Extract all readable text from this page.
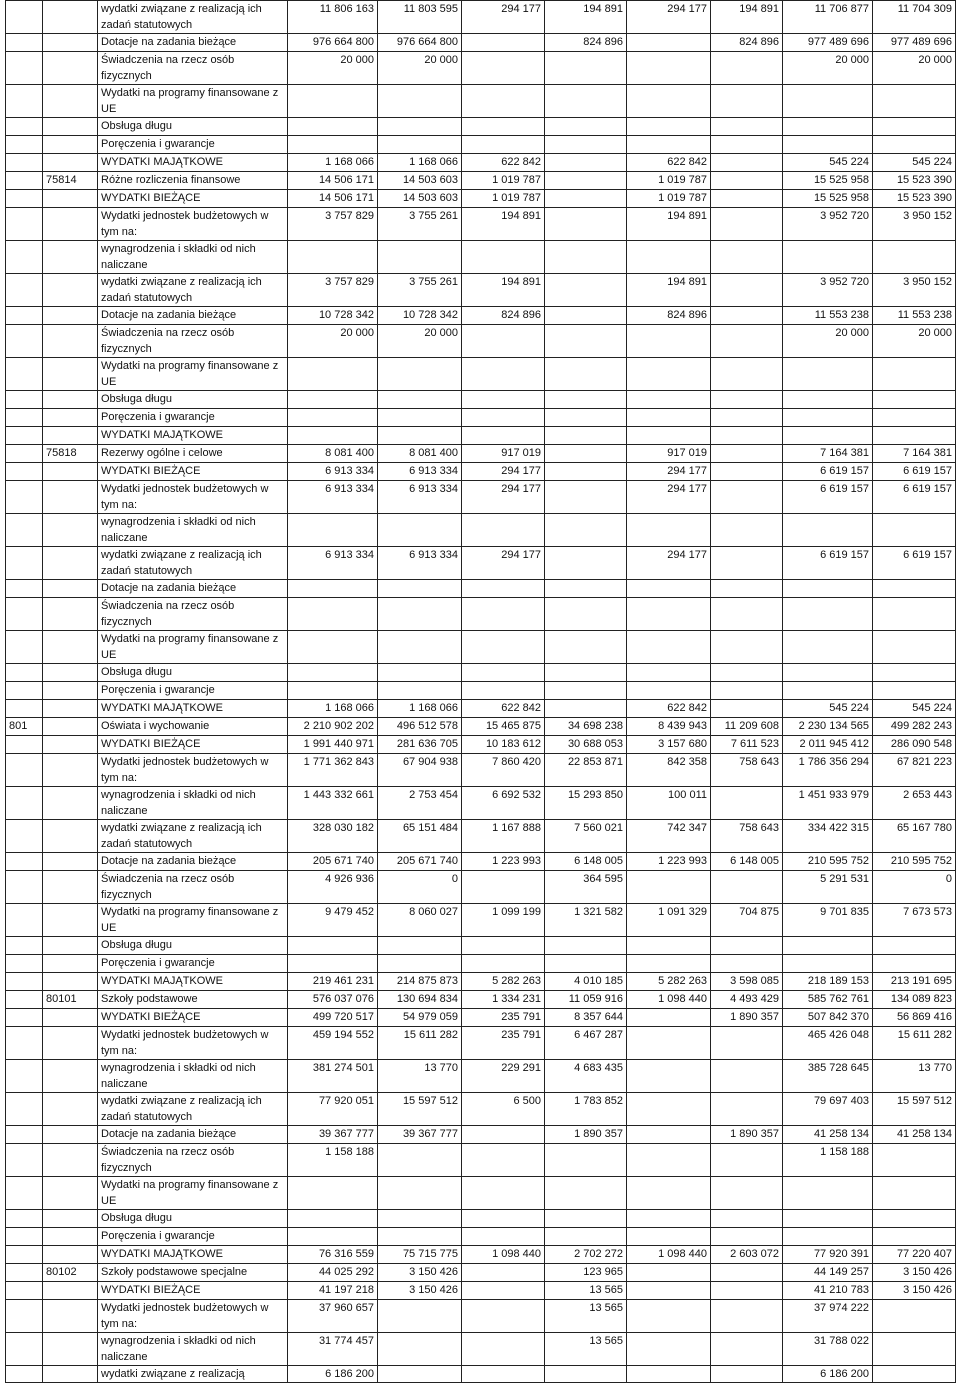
		wydatki związane z realizacją ich zadań statutowych	11 806 163	11 803 595	294 177	194 891	294 177	194 891	11 706 877	11 704 309
		Dotacje na zadania bieżące	976 664 800	976 664 800		824 896		824 896	977 489 696	977 489 696
		Świadczenia na rzecz osób fizycznych	20 000	20 000					20 000	20 000
		Wydatki na programy finansowane z UE								
		Obsługa długu								
		Poręczenia i gwarancje								
		WYDATKI MAJĄTKOWE	1 168 066	1 168 066	622 842		622 842		545 224	545 224
	75814	Różne rozliczenia finansowe	14 506 171	14 503 603	1 019 787		1 019 787		15 525 958	15 523 390
		WYDATKI BIEŻĄCE	14 506 171	14 503 603	1 019 787		1 019 787		15 525 958	15 523 390
		Wydatki jednostek budżetowych w tym na:	3 757 829	3 755 261	194 891		194 891		3 952 720	3 950 152
		wynagrodzenia i składki od nich naliczane								
		wydatki związane z realizacją ich zadań statutowych	3 757 829	3 755 261	194 891		194 891		3 952 720	3 950 152
		Dotacje na zadania bieżące	10 728 342	10 728 342	824 896		824 896		11 553 238	11 553 238
		Świadczenia na rzecz osób fizycznych	20 000	20 000					20 000	20 000
		Wydatki na programy finansowane z UE								
		Obsługa długu								
		Poręczenia i gwarancje								
		WYDATKI MAJĄTKOWE								
	75818	Rezerwy ogólne i celowe	8 081 400	8 081 400	917 019		917 019		7 164 381	7 164 381
		WYDATKI BIEŻĄCE	6 913 334	6 913 334	294 177		294 177		6 619 157	6 619 157
		Wydatki jednostek budżetowych w tym na:	6 913 334	6 913 334	294 177		294 177		6 619 157	6 619 157
		wynagrodzenia i składki od nich naliczane								
		wydatki związane z realizacją ich zadań statutowych	6 913 334	6 913 334	294 177		294 177		6 619 157	6 619 157
		Dotacje na zadania bieżące								
		Świadczenia na rzecz osób fizycznych								
		Wydatki na programy finansowane z UE								
		Obsługa długu								
		Poręczenia i gwarancje								
		WYDATKI MAJĄTKOWE	1 168 066	1 168 066	622 842		622 842		545 224	545 224
801		Oświata i wychowanie	2 210 902 202	496 512 578	15 465 875	34 698 238	8 439 943	11 209 608	2 230 134 565	499 282 243
		WYDATKI BIEŻĄCE	1 991 440 971	281 636 705	10 183 612	30 688 053	3 157 680	7 611 523	2 011 945 412	286 090 548
		Wydatki jednostek budżetowych w tym na:	1 771 362 843	67 904 938	7 860 420	22 853 871	842 358	758 643	1 786 356 294	67 821 223
		wynagrodzenia i składki od nich naliczane	1 443 332 661	2 753 454	6 692 532	15 293 850	100 011		1 451 933 979	2 653 443
		wydatki związane z realizacją ich zadań statutowych	328 030 182	65 151 484	1 167 888	7 560 021	742 347	758 643	334 422 315	65 167 780
		Dotacje na zadania bieżące	205 671 740	205 671 740	1 223 993	6 148 005	1 223 993	6 148 005	210 595 752	210 595 752
		Świadczenia na rzecz osób fizycznych	4 926 936	0		364 595			5 291 531	0
		Wydatki na programy finansowane z UE	9 479 452	8 060 027	1 099 199	1 321 582	1 091 329	704 875	9 701 835	7 673 573
		Obsługa długu								
		Poręczenia i gwarancje								
		WYDATKI MAJĄTKOWE	219 461 231	214 875 873	5 282 263	4 010 185	5 282 263	3 598 085	218 189 153	213 191 695
	80101	Szkoły podstawowe	576 037 076	130 694 834	1 334 231	11 059 916	1 098 440	4 493 429	585 762 761	134 089 823
		WYDATKI BIEŻĄCE	499 720 517	54 979 059	235 791	8 357 644		1 890 357	507 842 370	56 869 416
		Wydatki jednostek budżetowych w tym na:	459 194 552	15 611 282	235 791	6 467 287			465 426 048	15 611 282
		wynagrodzenia i składki od nich naliczane	381 274 501	13 770	229 291	4 683 435			385 728 645	13 770
		wydatki związane z realizacją ich zadań statutowych	77 920 051	15 597 512	6 500	1 783 852			79 697 403	15 597 512
		Dotacje na zadania bieżące	39 367 777	39 367 777		1 890 357		1 890 357	41 258 134	41 258 134
		Świadczenia na rzecz osób fizycznych	1 158 188						1 158 188	
		Wydatki na programy finansowane z UE								
		Obsługa długu								
		Poręczenia i gwarancje								
		WYDATKI MAJĄTKOWE	76 316 559	75 715 775	1 098 440	2 702 272	1 098 440	2 603 072	77 920 391	77 220 407
	80102	Szkoły podstawowe specjalne	44 025 292	3 150 426		123 965			44 149 257	3 150 426
		WYDATKI BIEŻĄCE	41 197 218	3 150 426		13 565			41 210 783	3 150 426
		Wydatki jednostek budżetowych w tym na:	37 960 657			13 565			37 974 222	
		wynagrodzenia i składki od nich naliczane	31 774 457			13 565			31 788 022	
		wydatki związane z realizacją	6 186 200						6 186 200	
